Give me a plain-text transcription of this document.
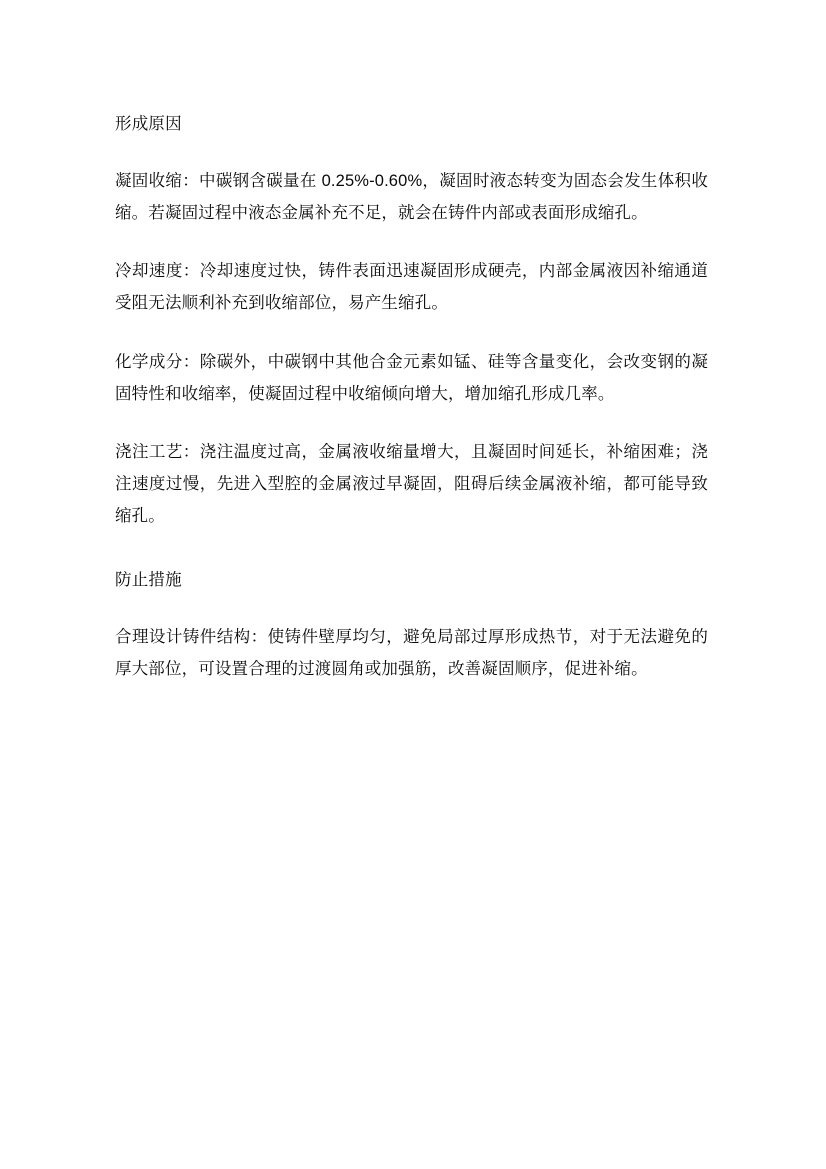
形成原因

凝固收缩：中碳钢含碳量在 0.25%-0.60%，凝固时液态转变为固态会发生体积收缩。若凝固过程中液态金属补充不足，就会在铸件内部或表面形成缩孔。

冷却速度：冷却速度过快，铸件表面迅速凝固形成硬壳，内部金属液因补缩通道受阻无法顺利补充到收缩部位，易产生缩孔。

化学成分：除碳外，中碳钢中其他合金元素如锰、硅等含量变化，会改变钢的凝固特性和收缩率，使凝固过程中收缩倾向增大，增加缩孔形成几率。

浇注工艺：浇注温度过高，金属液收缩量增大，且凝固时间延长，补缩困难；浇注速度过慢，先进入型腔的金属液过早凝固，阻碍后续金属液补缩，都可能导致缩孔。

防止措施

合理设计铸件结构：使铸件壁厚均匀，避免局部过厚形成热节，对于无法避免的厚大部位，可设置合理的过渡圆角或加强筋，改善凝固顺序，促进补缩。
